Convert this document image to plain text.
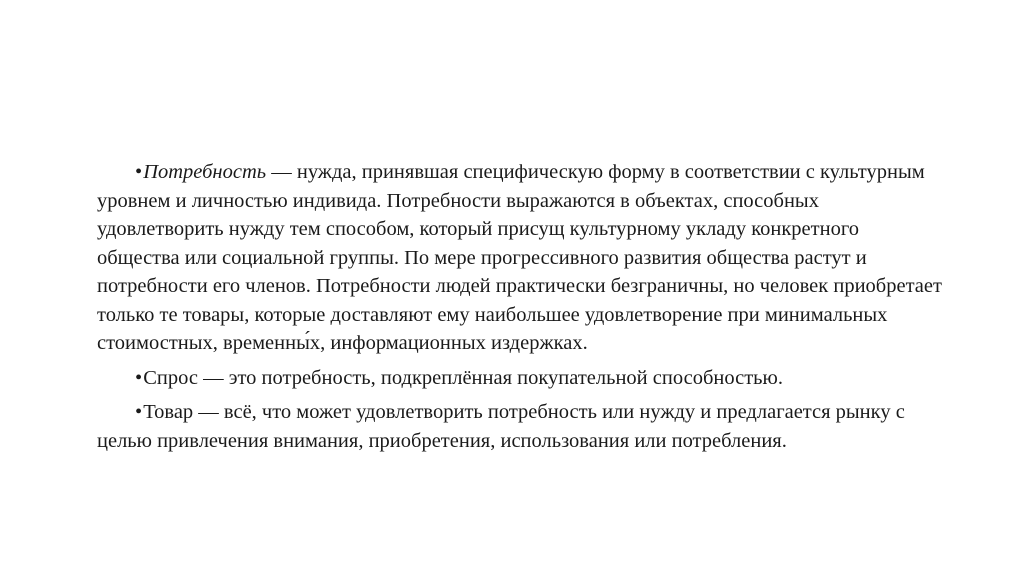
•Потребность — нужда, принявшая специфическую форму в соответствии с культурным уровнем и личностью индивида. Потребности выражаются в объектах, способных удовлетворить нужду тем способом, который присущ культурному укладу конкретного общества или социальной группы. По мере прогрессивного развития общества растут и потребности его членов. Потребности людей практически безграничны, но человек приобретает только те товары, которые доставляют ему наибольшее удовлетворение при минимальных стоимостных, временны́х, информационных издержках.

•Спрос — это потребность, подкреплённая покупательной способностью.

•Товар — всё, что может удовлетворить потребность или нужду и предлагается рынку с целью привлечения внимания, приобретения, использования или потребления.
